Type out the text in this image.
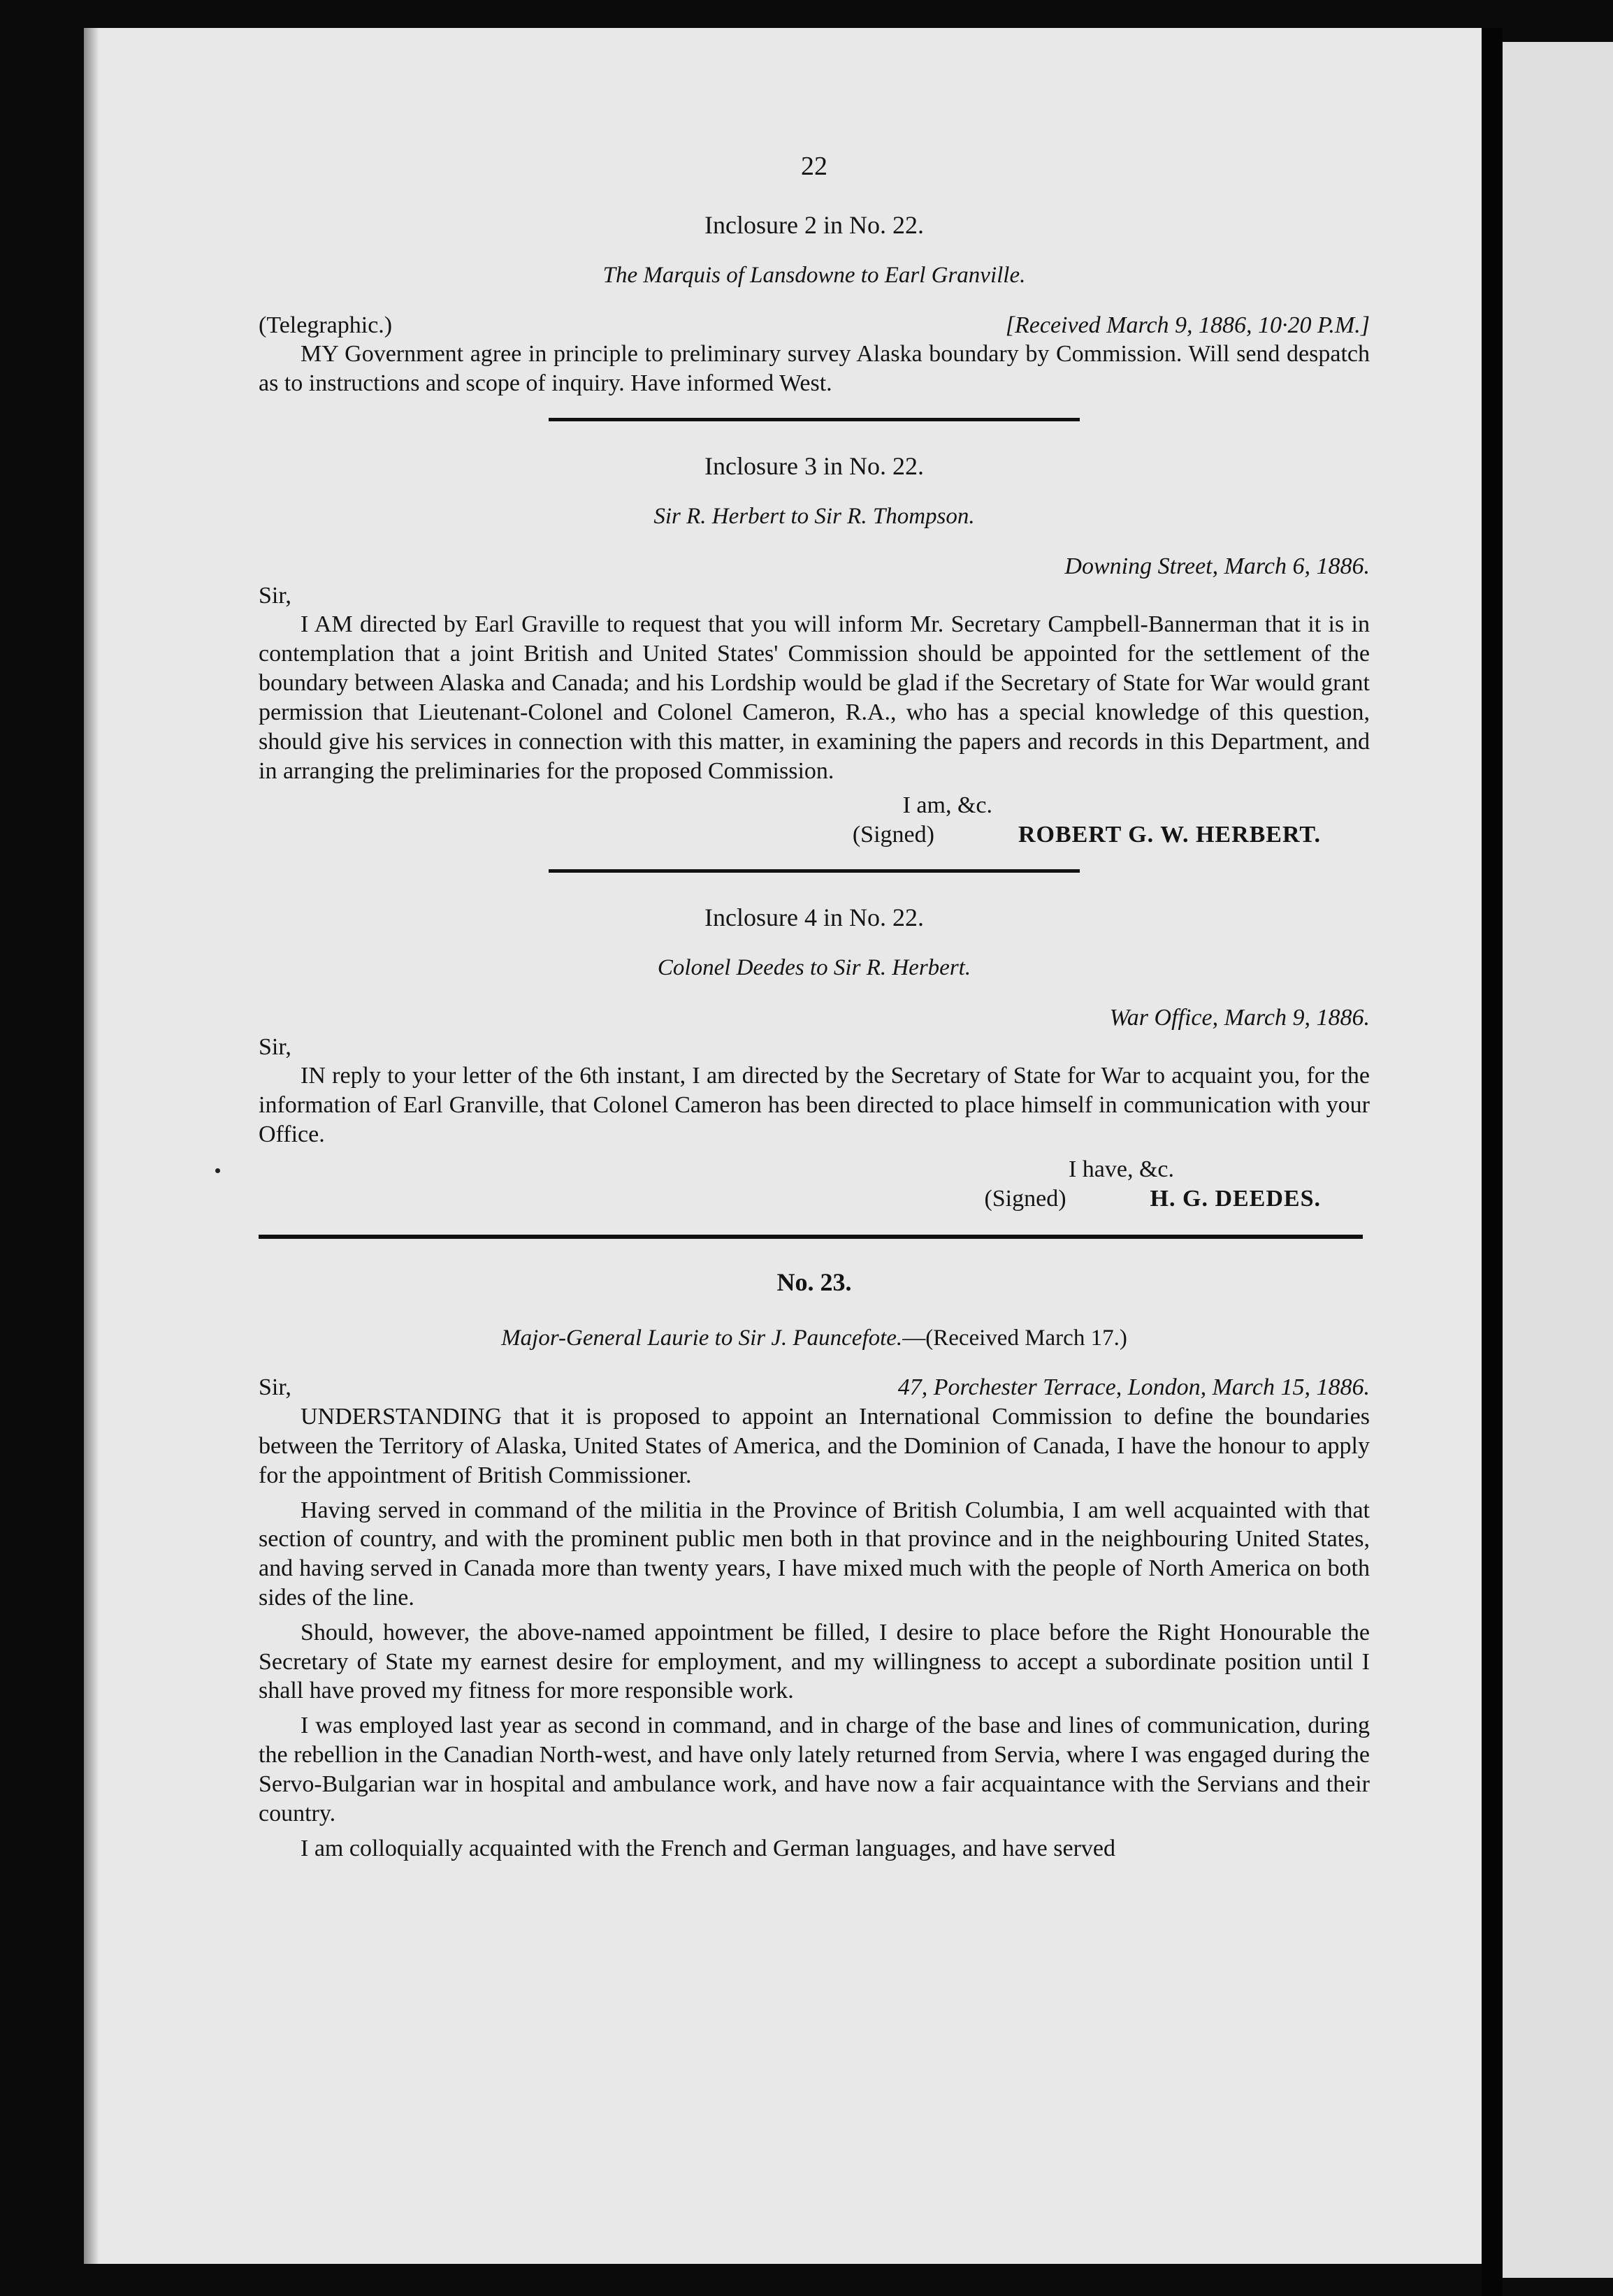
22
Inclosure 2 in No. 22.
The Marquis of Lansdowne to Earl Granville.
(Telegraphic.)	[Received March 9, 1886, 10·20 P.M.]

MY Government agree in principle to preliminary survey Alaska boundary by Commission. Will send despatch as to instructions and scope of inquiry. Have informed West.

Inclosure 3 in No. 22.
Sir R. Herbert to Sir R. Thompson.
Downing Street, March 6, 1886.
Sir,

I AM directed by Earl Graville to request that you will inform Mr. Secretary Campbell-Bannerman that it is in contemplation that a joint British and United States' Commission should be appointed for the settlement of the boundary between Alaska and Canada; and his Lordship would be glad if the Secretary of State for War would grant permission that Lieutenant-Colonel and Colonel Cameron, R.A., who has a special knowledge of this question, should give his services in connection with this matter, in examining the papers and records in this Department, and in arranging the preliminaries for the proposed Commission.

I am, &c.
(Signed)	ROBERT G. W. HERBERT.
Inclosure 4 in No. 22.
Colonel Deedes to Sir R. Herbert.
War Office, March 9, 1886.
Sir,

IN reply to your letter of the 6th instant, I am directed by the Secretary of State for War to acquaint you, for the information of Earl Granville, that Colonel Cameron has been directed to place himself in communication with your Office.

I have, &c.
(Signed)	H. G. DEEDES.
No. 23.
Major-General Laurie to Sir J. Pauncefote.—(Received March 17.)
Sir,	47, Porchester Terrace, London, March 15, 1886.

UNDERSTANDING that it is proposed to appoint an International Commission to define the boundaries between the Territory of Alaska, United States of America, and the Dominion of Canada, I have the honour to apply for the appointment of British Commissioner.

Having served in command of the militia in the Province of British Columbia, I am well acquainted with that section of country, and with the prominent public men both in that province and in the neighbouring United States, and having served in Canada more than twenty years, I have mixed much with the people of North America on both sides of the line.

Should, however, the above-named appointment be filled, I desire to place before the Right Honourable the Secretary of State my earnest desire for employment, and my willingness to accept a subordinate position until I shall have proved my fitness for more responsible work.

I was employed last year as second in command, and in charge of the base and lines of communication, during the rebellion in the Canadian North-west, and have only lately returned from Servia, where I was engaged during the Servo-Bulgarian war in hospital and ambulance work, and have now a fair acquaintance with the Servians and their country.

I am colloquially acquainted with the French and German languages, and have served
